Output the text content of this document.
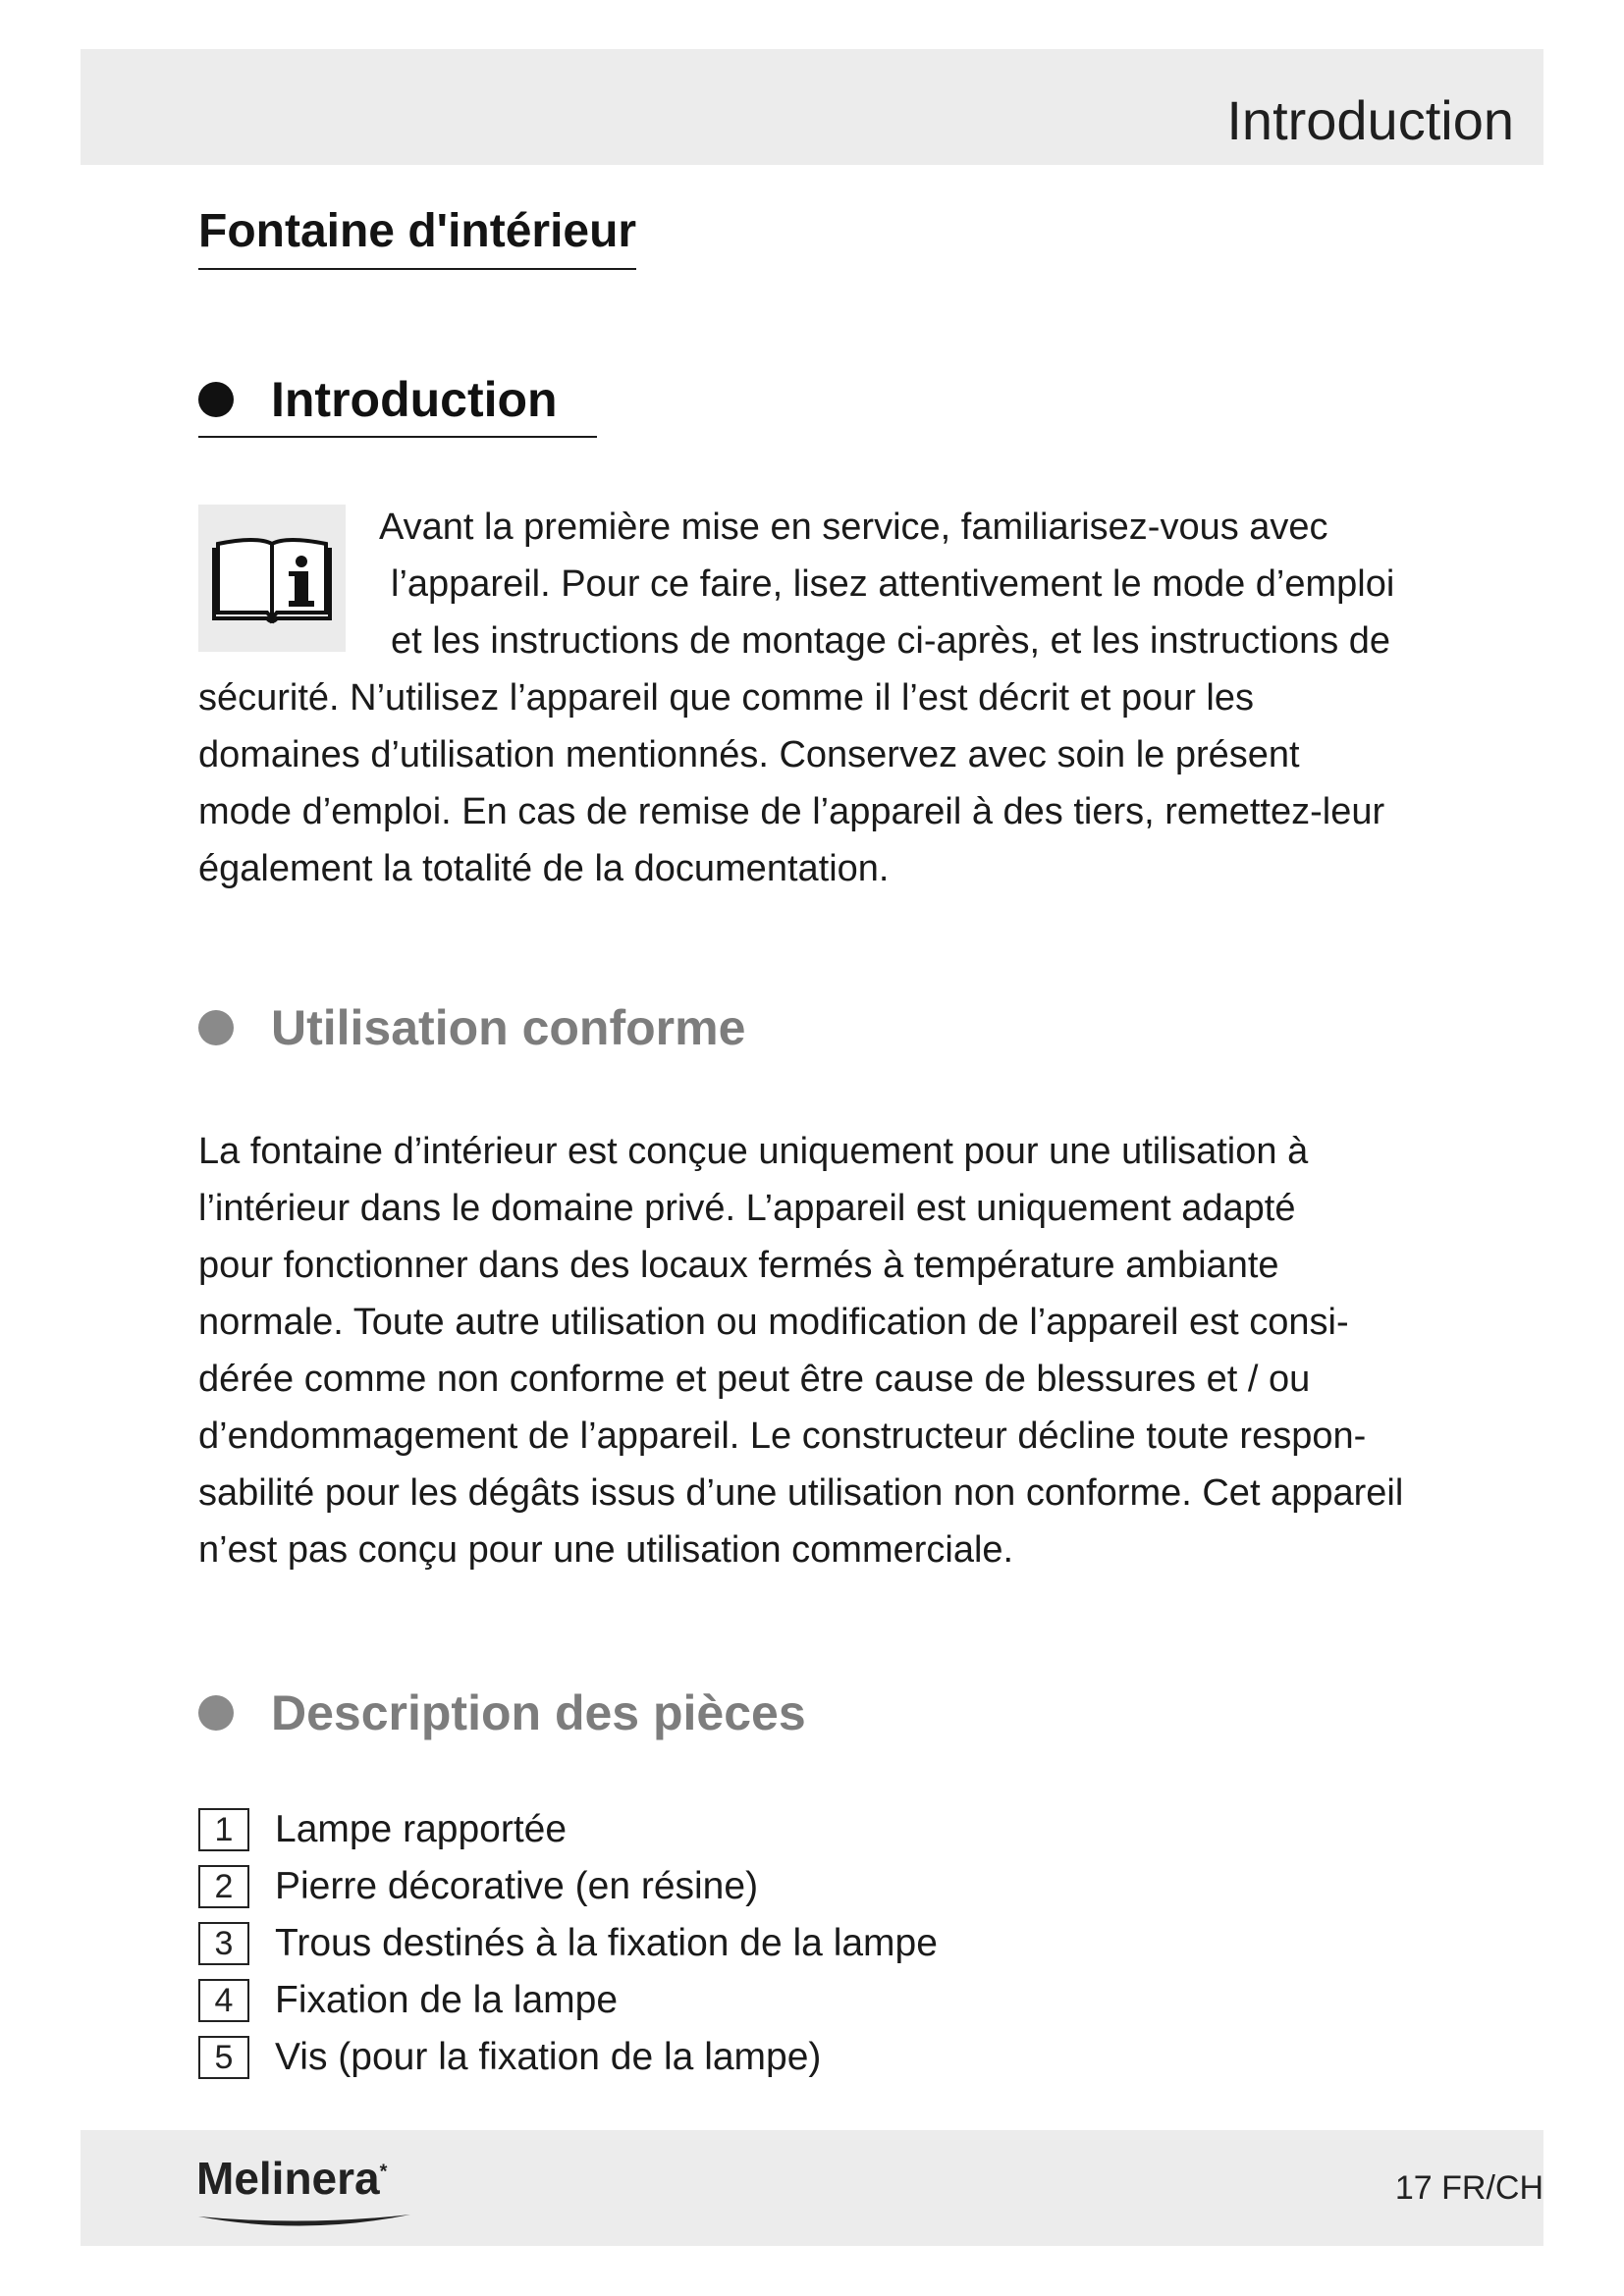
Introduction
Fontaine d'intérieur
Introduction

Avant la première mise en service, familiarisez-vous avec

l’appareil. Pour ce faire, lisez attentivement le mode d’emploi

et les instructions de montage ci-après, et les instructions de

sécurité. N’utilisez l’appareil que comme il l’est décrit et pour les

domaines d’utilisation mentionnés. Conservez avec soin le présent

mode d’emploi. En cas de remise de l’appareil à des tiers, remettez-leur

également la totalité de la documentation.

Utilisation conforme

La fontaine d’intérieur est conçue uniquement pour une utilisation à

l’intérieur dans le domaine privé. L’appareil est uniquement adapté

pour fonctionner dans des locaux fermés à température ambiante

normale. Toute autre utilisation ou modification de l’appareil est consi-

dérée comme non conforme et peut être cause de blessures et / ou

d’endommagement de l’appareil. Le constructeur décline toute respon-

sabilité pour les dégâts issus d’une utilisation non conforme. Cet appareil

n’est pas conçu pour une utilisation commerciale.

Description des pièces
1	Lampe rapportée
2	Pierre décorative (en résine)
3	Trous destinés à la fixation de la lampe
4	Fixation de la lampe
5	Vis (pour la fixation de la lampe)

Melinera*	17 FR/CH
